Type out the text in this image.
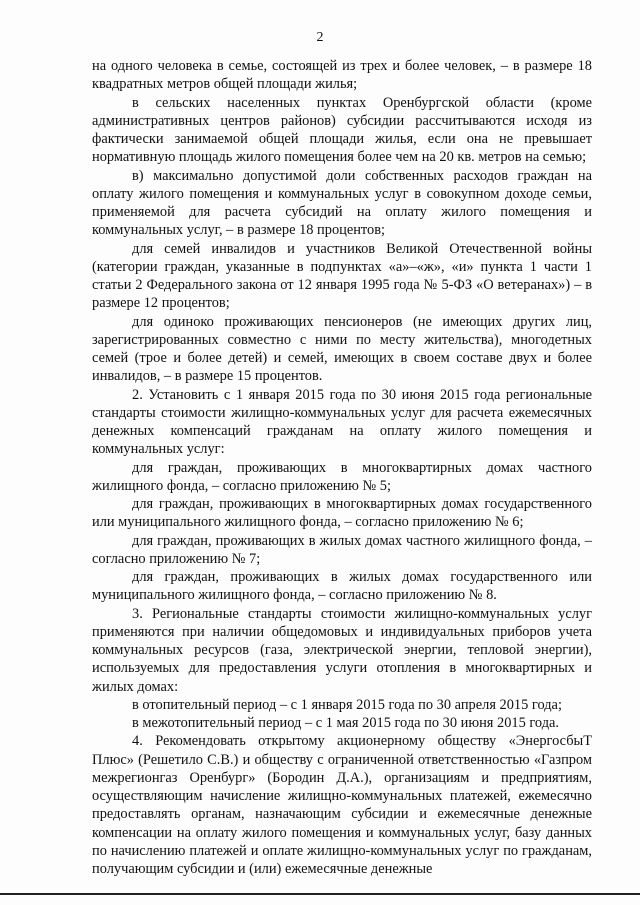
2

на одного человека в семье, состоящей из трех и более человек, – в размере 18 квадратных метров общей площади жилья;

в сельских населенных пунктах Оренбургской области (кроме административных центров районов) субсидии рассчитываются исходя из фактически занимаемой общей площади жилья, если она не превышает нормативную площадь жилого помещения более чем на 20 кв. метров на семью;

в) максимально допустимой доли собственных расходов граждан на оплату жилого помещения и коммунальных услуг в совокупном доходе семьи, применяемой для расчета субсидий на оплату жилого помещения и коммунальных услуг, – в размере 18 процентов;

для семей инвалидов и участников Великой Отечественной войны (категории граждан, указанные в подпунктах «а»–«ж», «и» пункта 1 части 1 статьи 2 Федерального закона от 12 января 1995 года № 5-ФЗ «О ветеранах») – в размере 12 процентов;

для одиноко проживающих пенсионеров (не имеющих других лиц, зарегистрированных совместно с ними по месту жительства), многодетных семей (трое и более детей) и семей, имеющих в своем составе двух и более инвалидов, – в размере 15 процентов.

2. Установить с 1 января 2015 года по 30 июня 2015 года региональные стандарты стоимости жилищно-коммунальных услуг для расчета ежемесячных денежных компенсаций гражданам на оплату жилого помещения и коммунальных услуг:

для граждан, проживающих в многоквартирных домах частного жилищного фонда, – согласно приложению № 5;

для граждан, проживающих в многоквартирных домах государственного или муниципального жилищного фонда, – согласно приложению № 6;

для граждан, проживающих в жилых домах частного жилищного фонда, – согласно приложению № 7;

для граждан, проживающих в жилых домах государственного или муниципального жилищного фонда, – согласно приложению № 8.

3. Региональные стандарты стоимости жилищно-коммунальных услуг применяются при наличии общедомовых и индивидуальных приборов учета коммунальных ресурсов (газа, электрической энергии, тепловой энергии), используемых для предоставления услуги отопления в многоквартирных и жилых домах:

в отопительный период – с 1 января 2015 года по 30 апреля 2015 года;

в межотопительный период – с 1 мая 2015 года по 30 июня 2015 года.

4. Рекомендовать открытому акционерному обществу «ЭнергосбыТ Плюс» (Решетило С.В.) и обществу с ограниченной ответственностью «Газпром межрегионгаз Оренбург» (Бородин Д.А.), организациям и предприятиям, осуществляющим начисление жилищно-коммунальных платежей, ежемесячно предоставлять органам, назначающим субсидии и ежемесячные денежные компенсации на оплату жилого помещения и коммунальных услуг, базу данных по начислению платежей и оплате жилищно-коммунальных услуг по гражданам, получающим субсидии и (или) ежемесячные денежные
